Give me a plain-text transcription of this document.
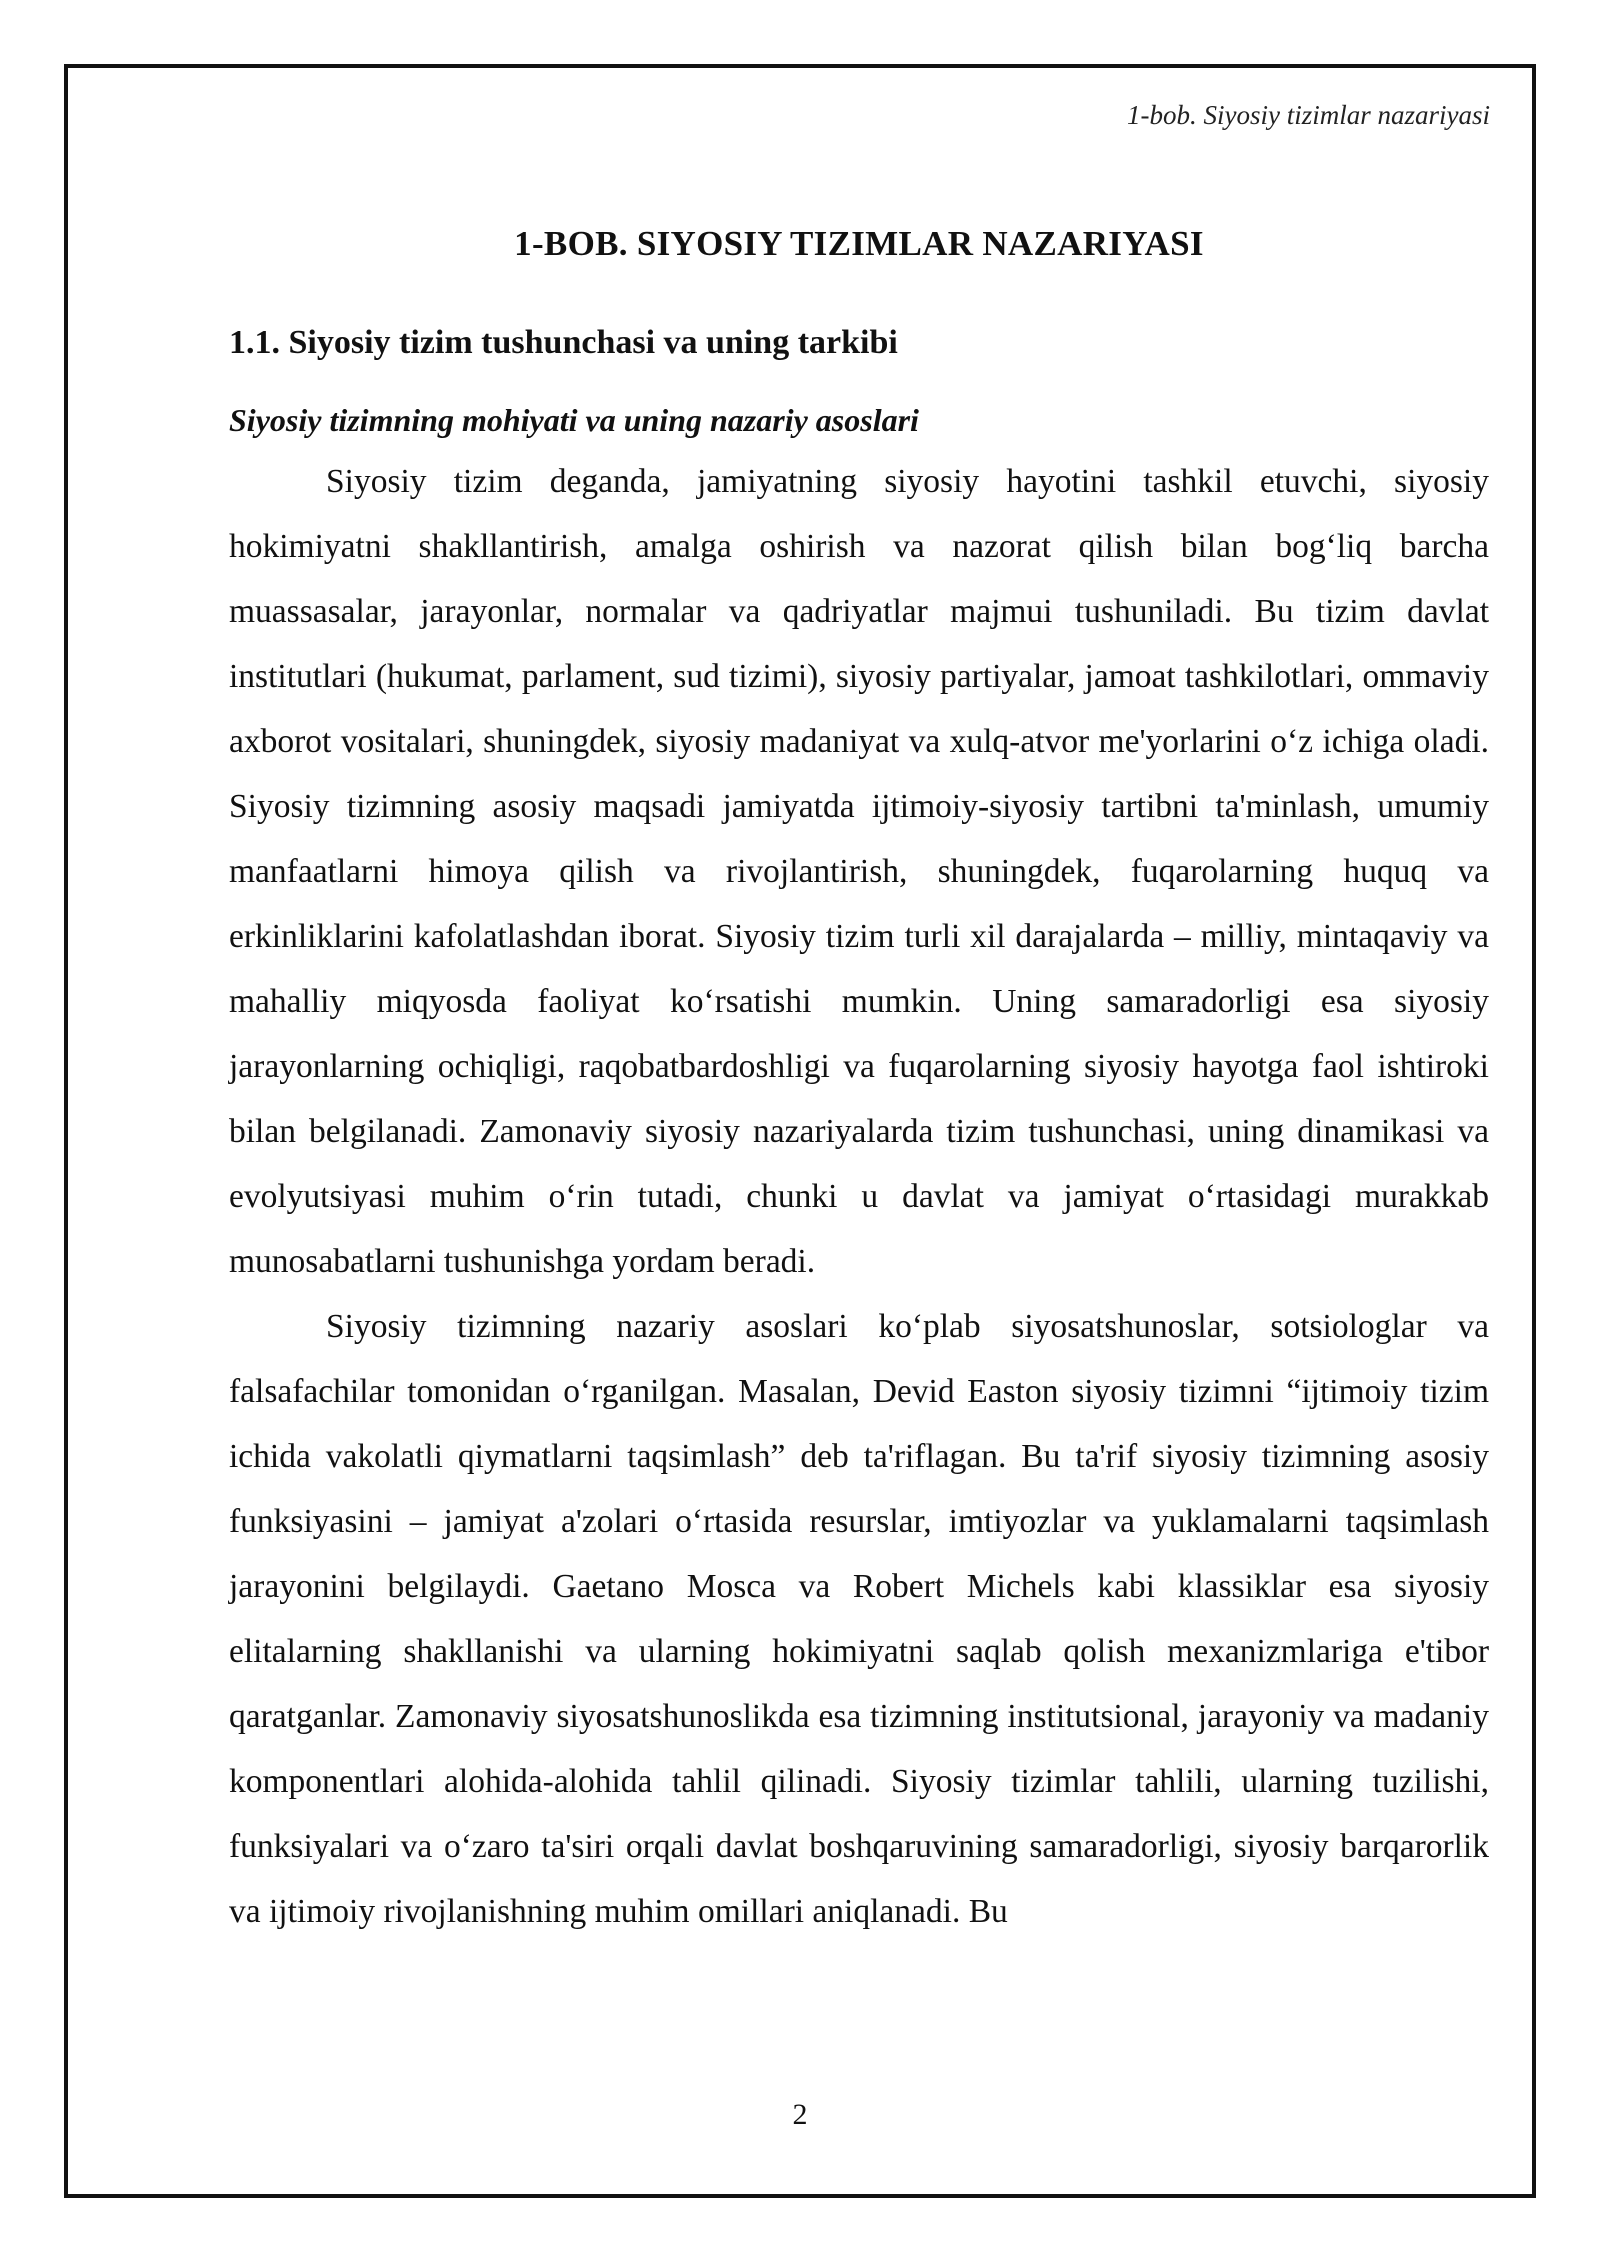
1-bob. Siyosiy tizimlar nazariyasi
1-BOB. SIYOSIY TIZIMLAR NAZARIYASI
1.1. Siyosiy tizim tushunchasi va uning tarkibi
Siyosiy tizimning mohiyati va uning nazariy asoslari

Siyosiy tizim deganda, jamiyatning siyosiy hayotini tashkil etuvchi, siyosiy hokimiyatni shakllantirish, amalga oshirish va nazorat qilish bilan bog‘liq barcha muassasalar, jarayonlar, normalar va qadriyatlar majmui tushuniladi. Bu tizim davlat institutlari (hukumat, parlament, sud tizimi), siyosiy partiyalar, jamoat tashkilotlari, ommaviy axborot vositalari, shuningdek, siyosiy madaniyat va xulq-atvor me'yorlarini o‘z ichiga oladi. Siyosiy tizimning asosiy maqsadi jamiyatda ijtimoiy-siyosiy tartibni ta'minlash, umumiy manfaatlarni himoya qilish va rivojlantirish, shuningdek, fuqarolarning huquq va erkinliklarini kafolatlashdan iborat. Siyosiy tizim turli xil darajalarda – milliy, mintaqaviy va mahalliy miqyosda faoliyat ko‘rsatishi mumkin. Uning samaradorligi esa siyosiy jarayonlarning ochiqligi, raqobatbardoshligi va fuqarolarning siyosiy hayotga faol ishtiroki bilan belgilanadi. Zamonaviy siyosiy nazariyalarda tizim tushunchasi, uning dinamikasi va evolyutsiyasi muhim o‘rin tutadi, chunki u davlat va jamiyat o‘rtasidagi murakkab munosabatlarni tushunishga yordam beradi.

Siyosiy tizimning nazariy asoslari ko‘plab siyosatshunoslar, sotsiologlar va falsafachilar tomonidan o‘rganilgan. Masalan, Devid Easton siyosiy tizimni “ijtimoiy tizim ichida vakolatli qiymatlarni taqsimlash” deb ta'riflagan. Bu ta'rif siyosiy tizimning asosiy funksiyasini – jamiyat a'zolari o‘rtasida resurslar, imtiyozlar va yuklamalarni taqsimlash jarayonini belgilaydi. Gaetano Mosca va Robert Michels kabi klassiklar esa siyosiy elitalarning shakllanishi va ularning hokimiyatni saqlab qolish mexanizmlariga e'tibor qaratganlar. Zamonaviy siyosatshunoslikda esa tizimning institutsional, jarayoniy va madaniy komponentlari alohida-alohida tahlil qilinadi. Siyosiy tizimlar tahlili, ularning tuzilishi, funksiyalari va o‘zaro ta'siri orqali davlat boshqaruvining samaradorligi, siyosiy barqarorlik va ijtimoiy rivojlanishning muhim omillari aniqlanadi. Bu

2
